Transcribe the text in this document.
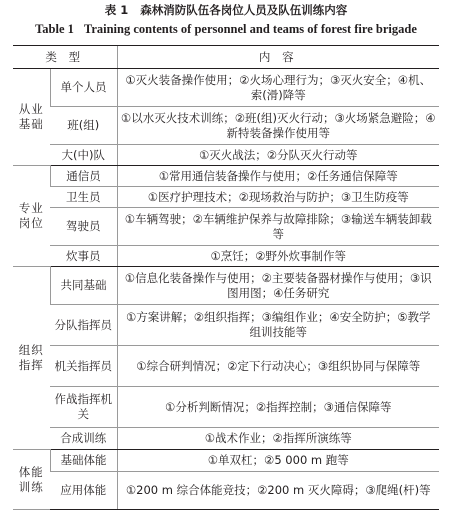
表 1 森林消防队伍各岗位人员及队伍训练内容
Table 1 Training contents of personnel and teams of forest fire brigade
类 型		内 容
从业基础	单个人员	①灭火装备操作使用；②火场心理行为；③灭火安全；④机、索(滑)降等
	班(组)	①以水灭火技术训练；②班(组)灭火行动；③火场紧急避险；④新特装备操作使用等
	大(中)队	①灭火战法；②分队灭火行动等
专业岗位	通信员	①常用通信装备操作与使用；②任务通信保障等
	卫生员	①医疗护理技术；②现场救治与防护；③卫生防疫等
	驾驶员	①车辆驾驶；②车辆维护保养与故障排除；③输送车辆装卸载等
	炊事员	①烹饪；②野外炊事制作等
组织指挥	共同基础	①信息化装备操作与使用；②主要装备器材操作与使用；③识图用图；④任务研究
	分队指挥员	①方案讲解；②组织指挥；③编组作业；④安全防护；⑤教学组训技能等
	机关指挥员	①综合研判情况；②定下行动决心；③组织协同与保障等
	作战指挥机关	①分析判断情况；②指挥控制；③通信保障等
	合成训练	①战术作业；②指挥所演练等
体能训练	基础体能	①单双杠；②5 000 m 跑等
	应用体能	①200 m 综合体能竞技；②200 m 灭火障碍；③爬绳(杆)等
